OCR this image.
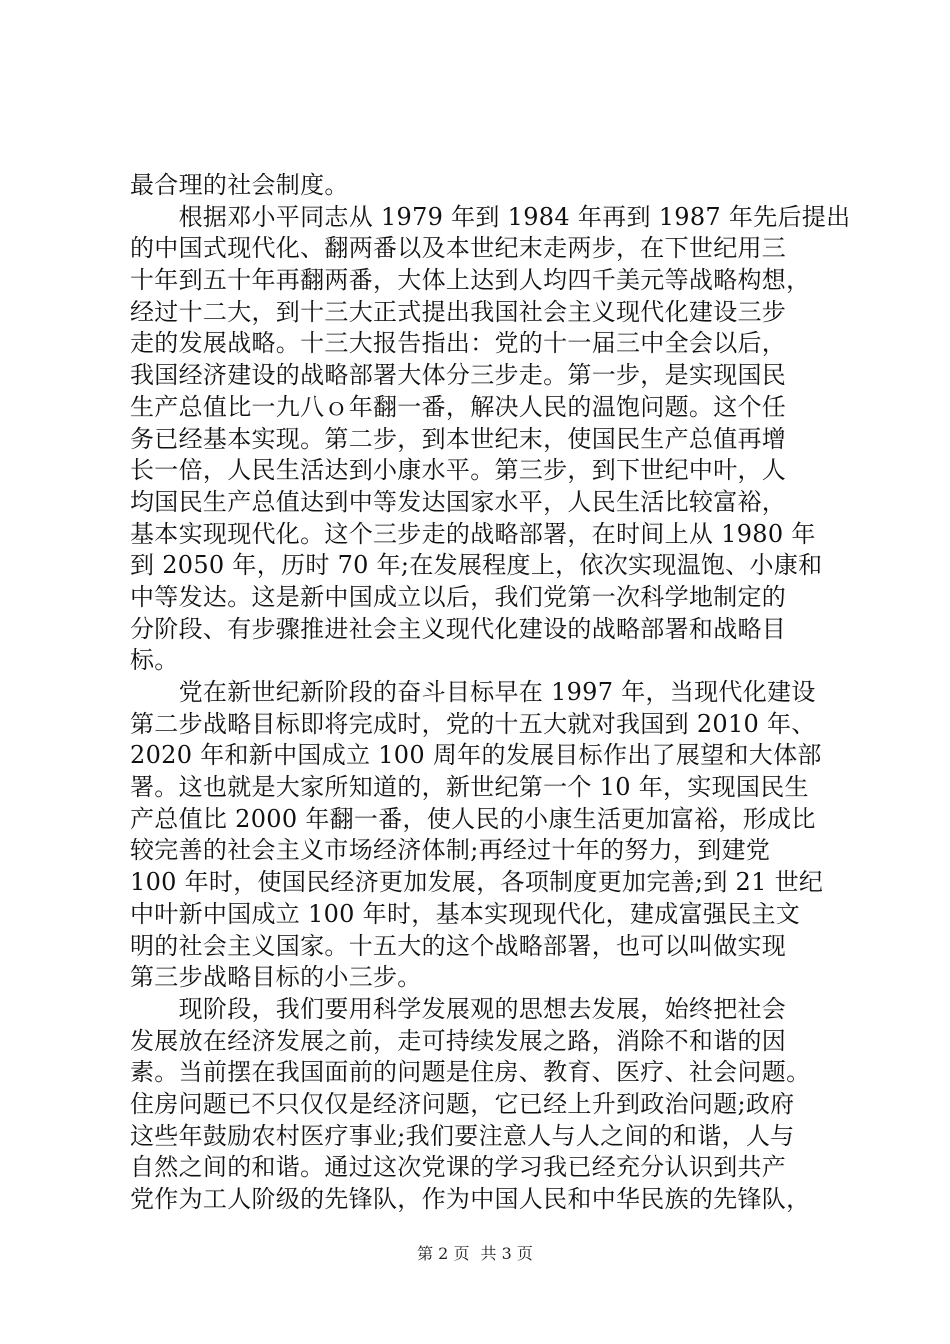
最合理的社会制度。
　　根据邓小平同志从 1979 年到 1984 年再到 1987 年先后提出
的中国式现代化、翻两番以及本世纪末走两步，在下世纪用三
十年到五十年再翻两番，大体上达到人均四千美元等战略构想，
经过十二大，到十三大正式提出我国社会主义现代化建设三步
走的发展战略。十三大报告指出：党的十一届三中全会以后，
我国经济建设的战略部署大体分三步走。第一步，是实现国民
生产总值比一九八ｏ年翻一番，解决人民的温饱问题。这个任
务已经基本实现。第二步，到本世纪末，使国民生产总值再增
长一倍，人民生活达到小康水平。第三步，到下世纪中叶，人
均国民生产总值达到中等发达国家水平，人民生活比较富裕，
基本实现现代化。这个三步走的战略部署，在时间上从 1980 年
到 2050 年，历时 70 年;在发展程度上，依次实现温饱、小康和
中等发达。这是新中国成立以后，我们党第一次科学地制定的
分阶段、有步骤推进社会主义现代化建设的战略部署和战略目
标。
　　党在新世纪新阶段的奋斗目标早在 1997 年，当现代化建设
第二步战略目标即将完成时，党的十五大就对我国到 2010 年、
2020 年和新中国成立 100 周年的发展目标作出了展望和大体部
署。这也就是大家所知道的，新世纪第一个 10 年，实现国民生
产总值比 2000 年翻一番，使人民的小康生活更加富裕，形成比
较完善的社会主义市场经济体制;再经过十年的努力，到建党
100 年时，使国民经济更加发展，各项制度更加完善;到 21 世纪
中叶新中国成立 100 年时，基本实现现代化，建成富强民主文
明的社会主义国家。十五大的这个战略部署，也可以叫做实现
第三步战略目标的小三步。
　　现阶段，我们要用科学发展观的思想去发展，始终把社会
发展放在经济发展之前，走可持续发展之路，消除不和谐的因
素。当前摆在我国面前的问题是住房、教育、医疗、社会问题。
住房问题已不只仅仅是经济问题，它已经上升到政治问题;政府
这些年鼓励农村医疗事业;我们要注意人与人之间的和谐，人与
自然之间的和谐。通过这次党课的学习我已经充分认识到共产
党作为工人阶级的先锋队，作为中国人民和中华民族的先锋队，
第 2 页 共 3 页
